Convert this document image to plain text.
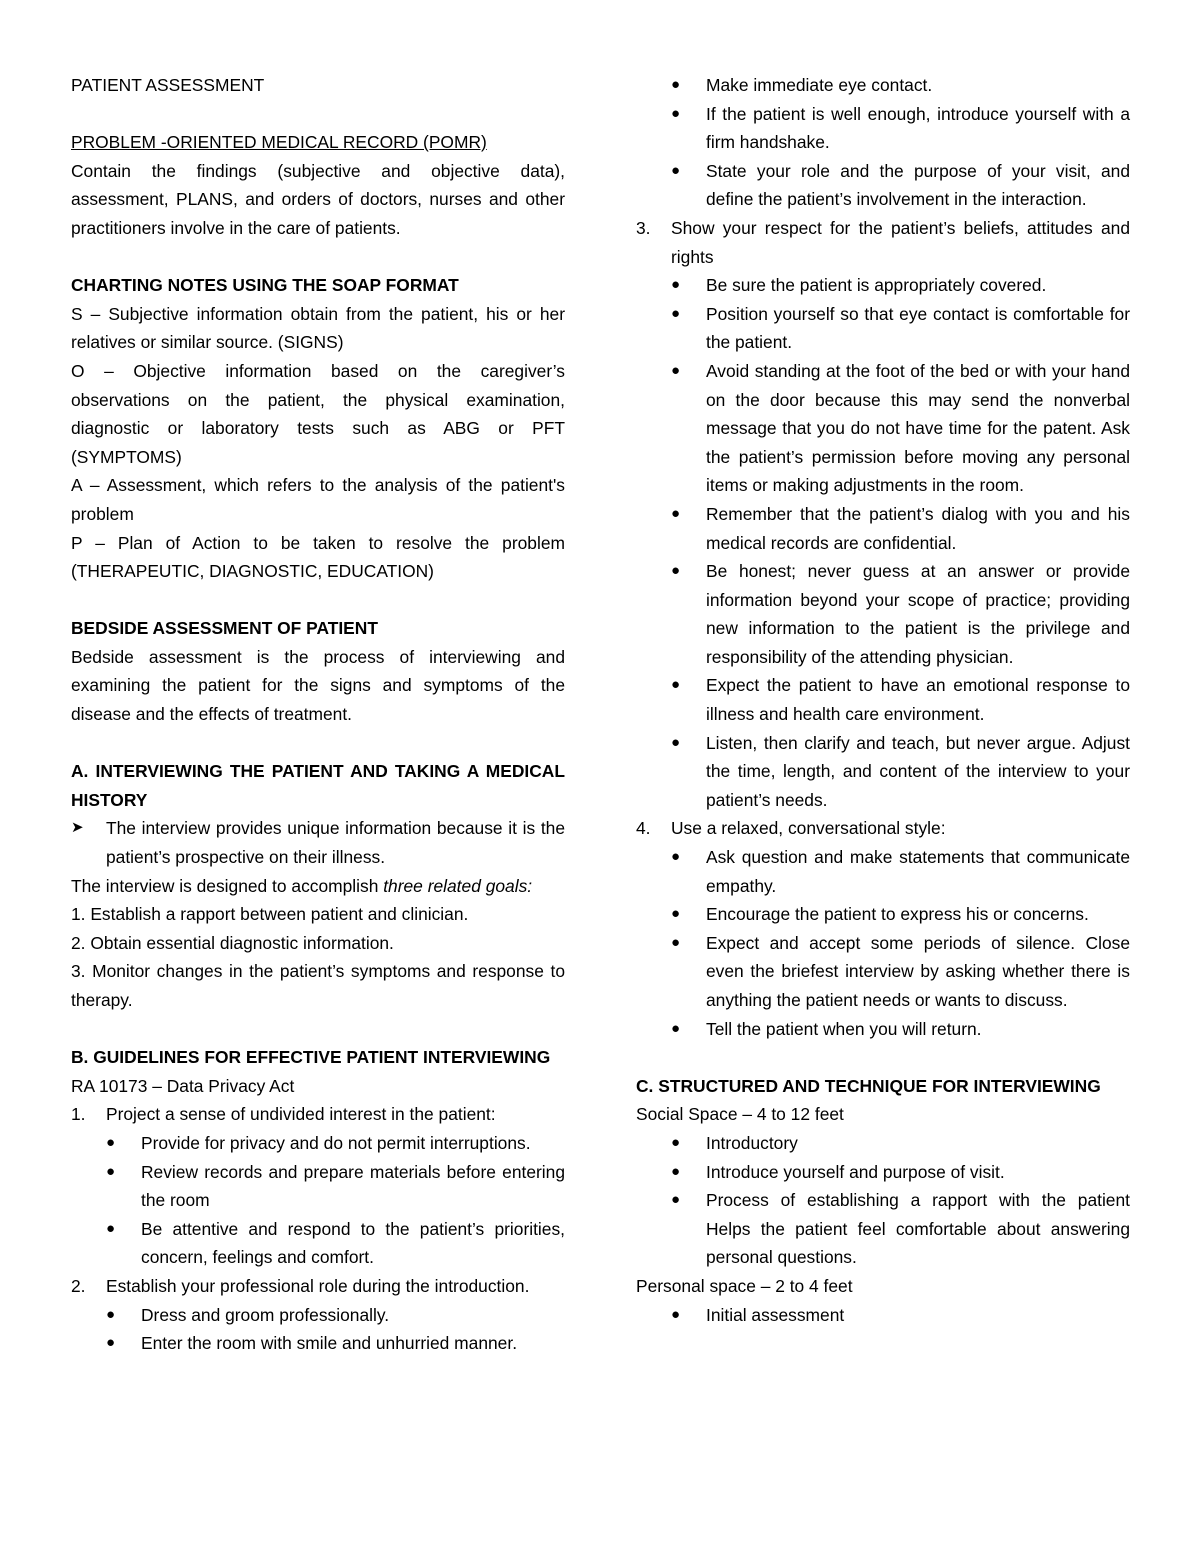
PATIENT ASSESSMENT

PROBLEM -ORIENTED MEDICAL RECORD (POMR)

Contain the findings (subjective and objective data), assessment, PLANS, and orders of doctors, nurses and other practitioners involve in the care of patients.

CHARTING NOTES USING THE SOAP FORMAT

S – Subjective information obtain from the patient, his or her relatives or similar source. (SIGNS)

O – Objective information based on the caregiver’s observations on the patient, the physical examination, diagnostic or laboratory tests such as ABG or PFT (SYMPTOMS)

A – Assessment, which refers to the analysis of the patient's problem

P – Plan of Action to be taken to resolve the problem (THERAPEUTIC, DIAGNOSTIC, EDUCATION)

BEDSIDE ASSESSMENT OF PATIENT

Bedside assessment is the process of interviewing and examining the patient for the signs and symptoms of the disease and the effects of treatment.

A. INTERVIEWING THE PATIENT AND TAKING A MEDICAL HISTORY

➤ The interview provides unique information because it is the patient’s prospective on their illness.

The interview is designed to accomplish three related goals:

1. Establish a rapport between patient and clinician.

2. Obtain essential diagnostic information.

3. Monitor changes in the patient’s symptoms and response to therapy.

B. GUIDELINES FOR EFFECTIVE PATIENT INTERVIEWING

RA 10173 – Data Privacy Act

1. Project a sense of undivided interest in the patient:
● Provide for privacy and do not permit interruptions.
● Review records and prepare materials before entering the room
● Be attentive and respond to the patient’s priorities, concern, feelings and comfort.
2. Establish your professional role during the introduction.
● Dress and groom professionally.
● Enter the room with smile and unhurried manner.
● Make immediate eye contact.
● If the patient is well enough, introduce yourself with a firm handshake.
● State your role and the purpose of your visit, and define the patient’s involvement in the interaction.
3. Show your respect for the patient’s beliefs, attitudes and rights
● Be sure the patient is appropriately covered.
● Position yourself so that eye contact is comfortable for the patient.
● Avoid standing at the foot of the bed or with your hand on the door because this may send the nonverbal message that you do not have time for the patent. Ask the patient’s permission before moving any personal items or making adjustments in the room.
● Remember that the patient’s dialog with you and his medical records are confidential.
● Be honest; never guess at an answer or provide information beyond your scope of practice; providing new information to the patient is the privilege and responsibility of the attending physician.
● Expect the patient to have an emotional response to illness and health care environment.
● Listen, then clarify and teach, but never argue. Adjust the time, length, and content of the interview to your patient’s needs.
4. Use a relaxed, conversational style:
● Ask question and make statements that communicate empathy.
● Encourage the patient to express his or concerns.
● Expect and accept some periods of silence. Close even the briefest interview by asking whether there is anything the patient needs or wants to discuss.
● Tell the patient when you will return.

C. STRUCTURED AND TECHNIQUE FOR INTERVIEWING

Social Space – 4 to 12 feet

● Introductory
● Introduce yourself and purpose of visit.
● Process of establishing a rapport with the patient Helps the patient feel comfortable about answering personal questions.

Personal space – 2 to 4 feet

● Initial assessment
